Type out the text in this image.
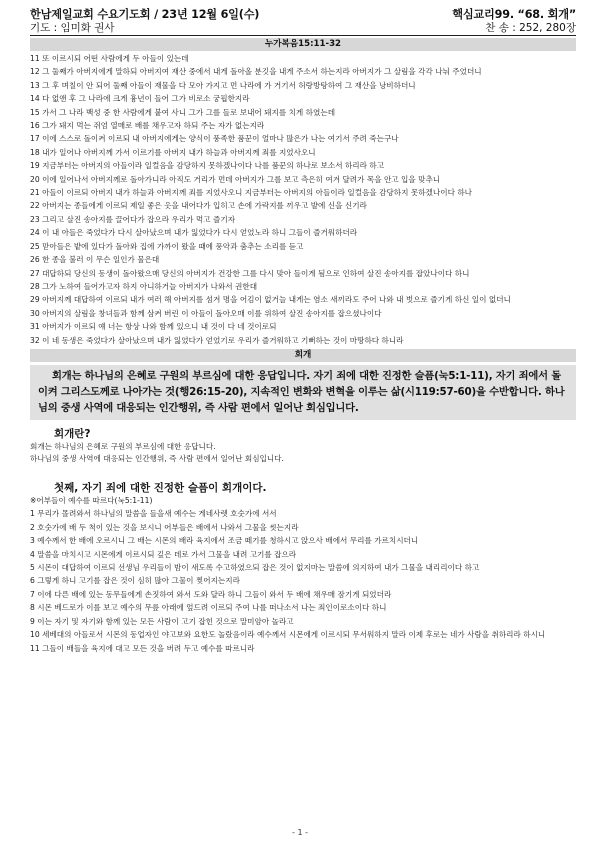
한남제일교회 수요기도회 / 23년 12월 6일(수)
기도 : 임미화 권사
핵심교리99. “68. 회개”
찬 송 : 252, 280장
누가복음15:11-32
11 또 이르시되 어떤 사람에게 두 아들이 있는데
12 그 둘째가 아버지에게 말하되 아버지여 재산 중에서 내게 돌아올 분깃을 내게 주소서 하는지라 아버지가 그 살림을 각각 나눠 주었더니
13 그 후 며칠이 안 되어 둘째 아들이 재물을 다 모아 가지고 먼 나라에 가 거기서 허랑방탕하여 그 재산을 낭비하더니
14 다 없앤 후 그 나라에 크게 흉년이 들어 그가 비로소 궁핍한지라
15 가서 그 나라 백성 중 한 사람에게 붙여 사니 그가 그를 들로 보내어 돼지를 치게 하였는데
16 그가 돼지 먹는 쥐엄 열매로 배를 채우고자 하되 주는 자가 없는지라
17 이에 스스로 돌이켜 이르되 내 아버지에게는 양식이 풍족한 품꾼이 얼마나 많은가 나는 여기서 주려 죽는구나
18 내가 일어나 아버지께 가서 이르기를 아버지 내가 하늘과 아버지께 죄를 지었사오니
19 지금부터는 아버지의 아들이라 일컬음을 감당하지 못하겠나이다 나를 품꾼의 하나로 보소서 하리라 하고
20 이에 일어나서 아버지께로 돌아가니라 아직도 거리가 먼데 아버지가 그를 보고 측은히 여겨 달려가 목을 안고 입을 맞추니
21 아들이 이르되 아버지 내가 하늘과 아버지께 죄를 지었사오니 지금부터는 아버지의 아들이라 일컬음을 감당하지 못하겠나이다 하나
22 아버지는 종들에게 이르되 제일 좋은 옷을 내어다가 입히고 손에 가락지를 끼우고 발에 신을 신기라
23 그리고 살진 송아지를 끌어다가 잡으라 우리가 먹고 즐기자
24 이 내 아들은 죽었다가 다시 살아났으며 내가 잃었다가 다시 얻었노라 하니 그들이 즐거워하더라
25 맏아들은 밭에 있다가 돌아와 집에 가까이 왔을 때에 풍악과 춤추는 소리를 듣고
26 한 종을 불러 이 무슨 일인가 물은대
27 대답하되 당신의 동생이 돌아왔으매 당신의 아버지가 건강한 그를 다시 맞아 들이게 됨으로 인하여 살진 송아지를 잡았나이다 하니
28 그가 노하여 들어가고자 하지 아니하거늘 아버지가 나와서 권한대
29 아버지께 대답하여 이르되 내가 여러 해 아버지를 섬겨 명을 어김이 없거늘 내게는 염소 새끼라도 주어 나와 내 벗으로 즐기게 하신 일이 없더니
30 아버지의 살림을 창녀들과 함께 삼켜 버린 이 아들이 돌아오매 이를 위하여 살진 송아지를 잡으셨나이다
31 아버지가 이르되 얘 너는 항상 나와 함께 있으니 내 것이 다 네 것이로되
32 이 네 동생은 죽었다가 살아났으며 내가 잃었다가 얻었기로 우리가 즐거워하고 기뻐하는 것이 마땅하다 하니라
회개
회개는 하나님의 은혜로 구원의 부르심에 대한 응답입니다. 자기 죄에 대한 진정한 슬픔(눅5:1-11), 자기 죄에서 돌이켜 그리스도께로 나아가는 것(행26:15-20), 지속적인 변화와 변혁을 이루는 삶(시119:57-60)을 수반합니다. 하나님의 중생 사역에 대응되는 인간행위, 즉 사람 편에서 일어난 회심입니다.
회개란?
회개는 하나님의 은혜로 구원의 부르심에 대한 응답니다.
하나님의 중생 사역에 대응되는 인간행위, 즉 사람 편에서 일어난 회심입니다.
첫째, 자기 죄에 대한 진정한 슬픔이 회개이다.
※어부들이 예수를 따르다(눅5:1-11)
1 무리가 몰려와서 하나님의 말씀을 들을새 예수는 게네사렛 호숫가에 서서
2 호숫가에 배 두 척이 있는 것을 보시니 어부들은 배에서 나와서 그물을 씻는지라
3 예수께서 한 배에 오르시니 그 배는 시몬의 배라 육지에서 조금 떼기를 청하시고 앉으사 배에서 무리를 가르치시더니
4 말씀을 마치시고 시몬에게 이르시되 깊은 데로 가서 그물을 내려 고기를 잡으라
5 시몬이 대답하여 이르되 선생님 우리들이 밤이 새도록 수고하였으되 잡은 것이 없지마는 말씀에 의지하여 내가 그물을 내리리이다 하고
6 그렇게 하니 고기를 잡은 것이 심히 많아 그물이 찢어지는지라
7 이에 다른 배에 있는 동무들에게 손짓하여 와서 도와 달라 하니 그들이 와서 두 배에 채우매 잠기게 되었더라
8 시몬 베드로가 이를 보고 예수의 무릎 아래에 엎드려 이르되 주여 나를 떠나소서 나는 죄인이로소이다 하니
9 이는 자기 및 자기와 함께 있는 모든 사람이 고기 잡힌 것으로 말미암아 놀라고
10 세베대의 아들로서 시몬의 동업자인 야고보와 요한도 놀랐음이라 예수께서 시몬에게 이르시되 무서워하지 말라 이제 후로는 네가 사람을 취하리라 하시니
11 그들이 배들을 육지에 대고 모든 것을 버려 두고 예수를 따르니라
- 1 -
